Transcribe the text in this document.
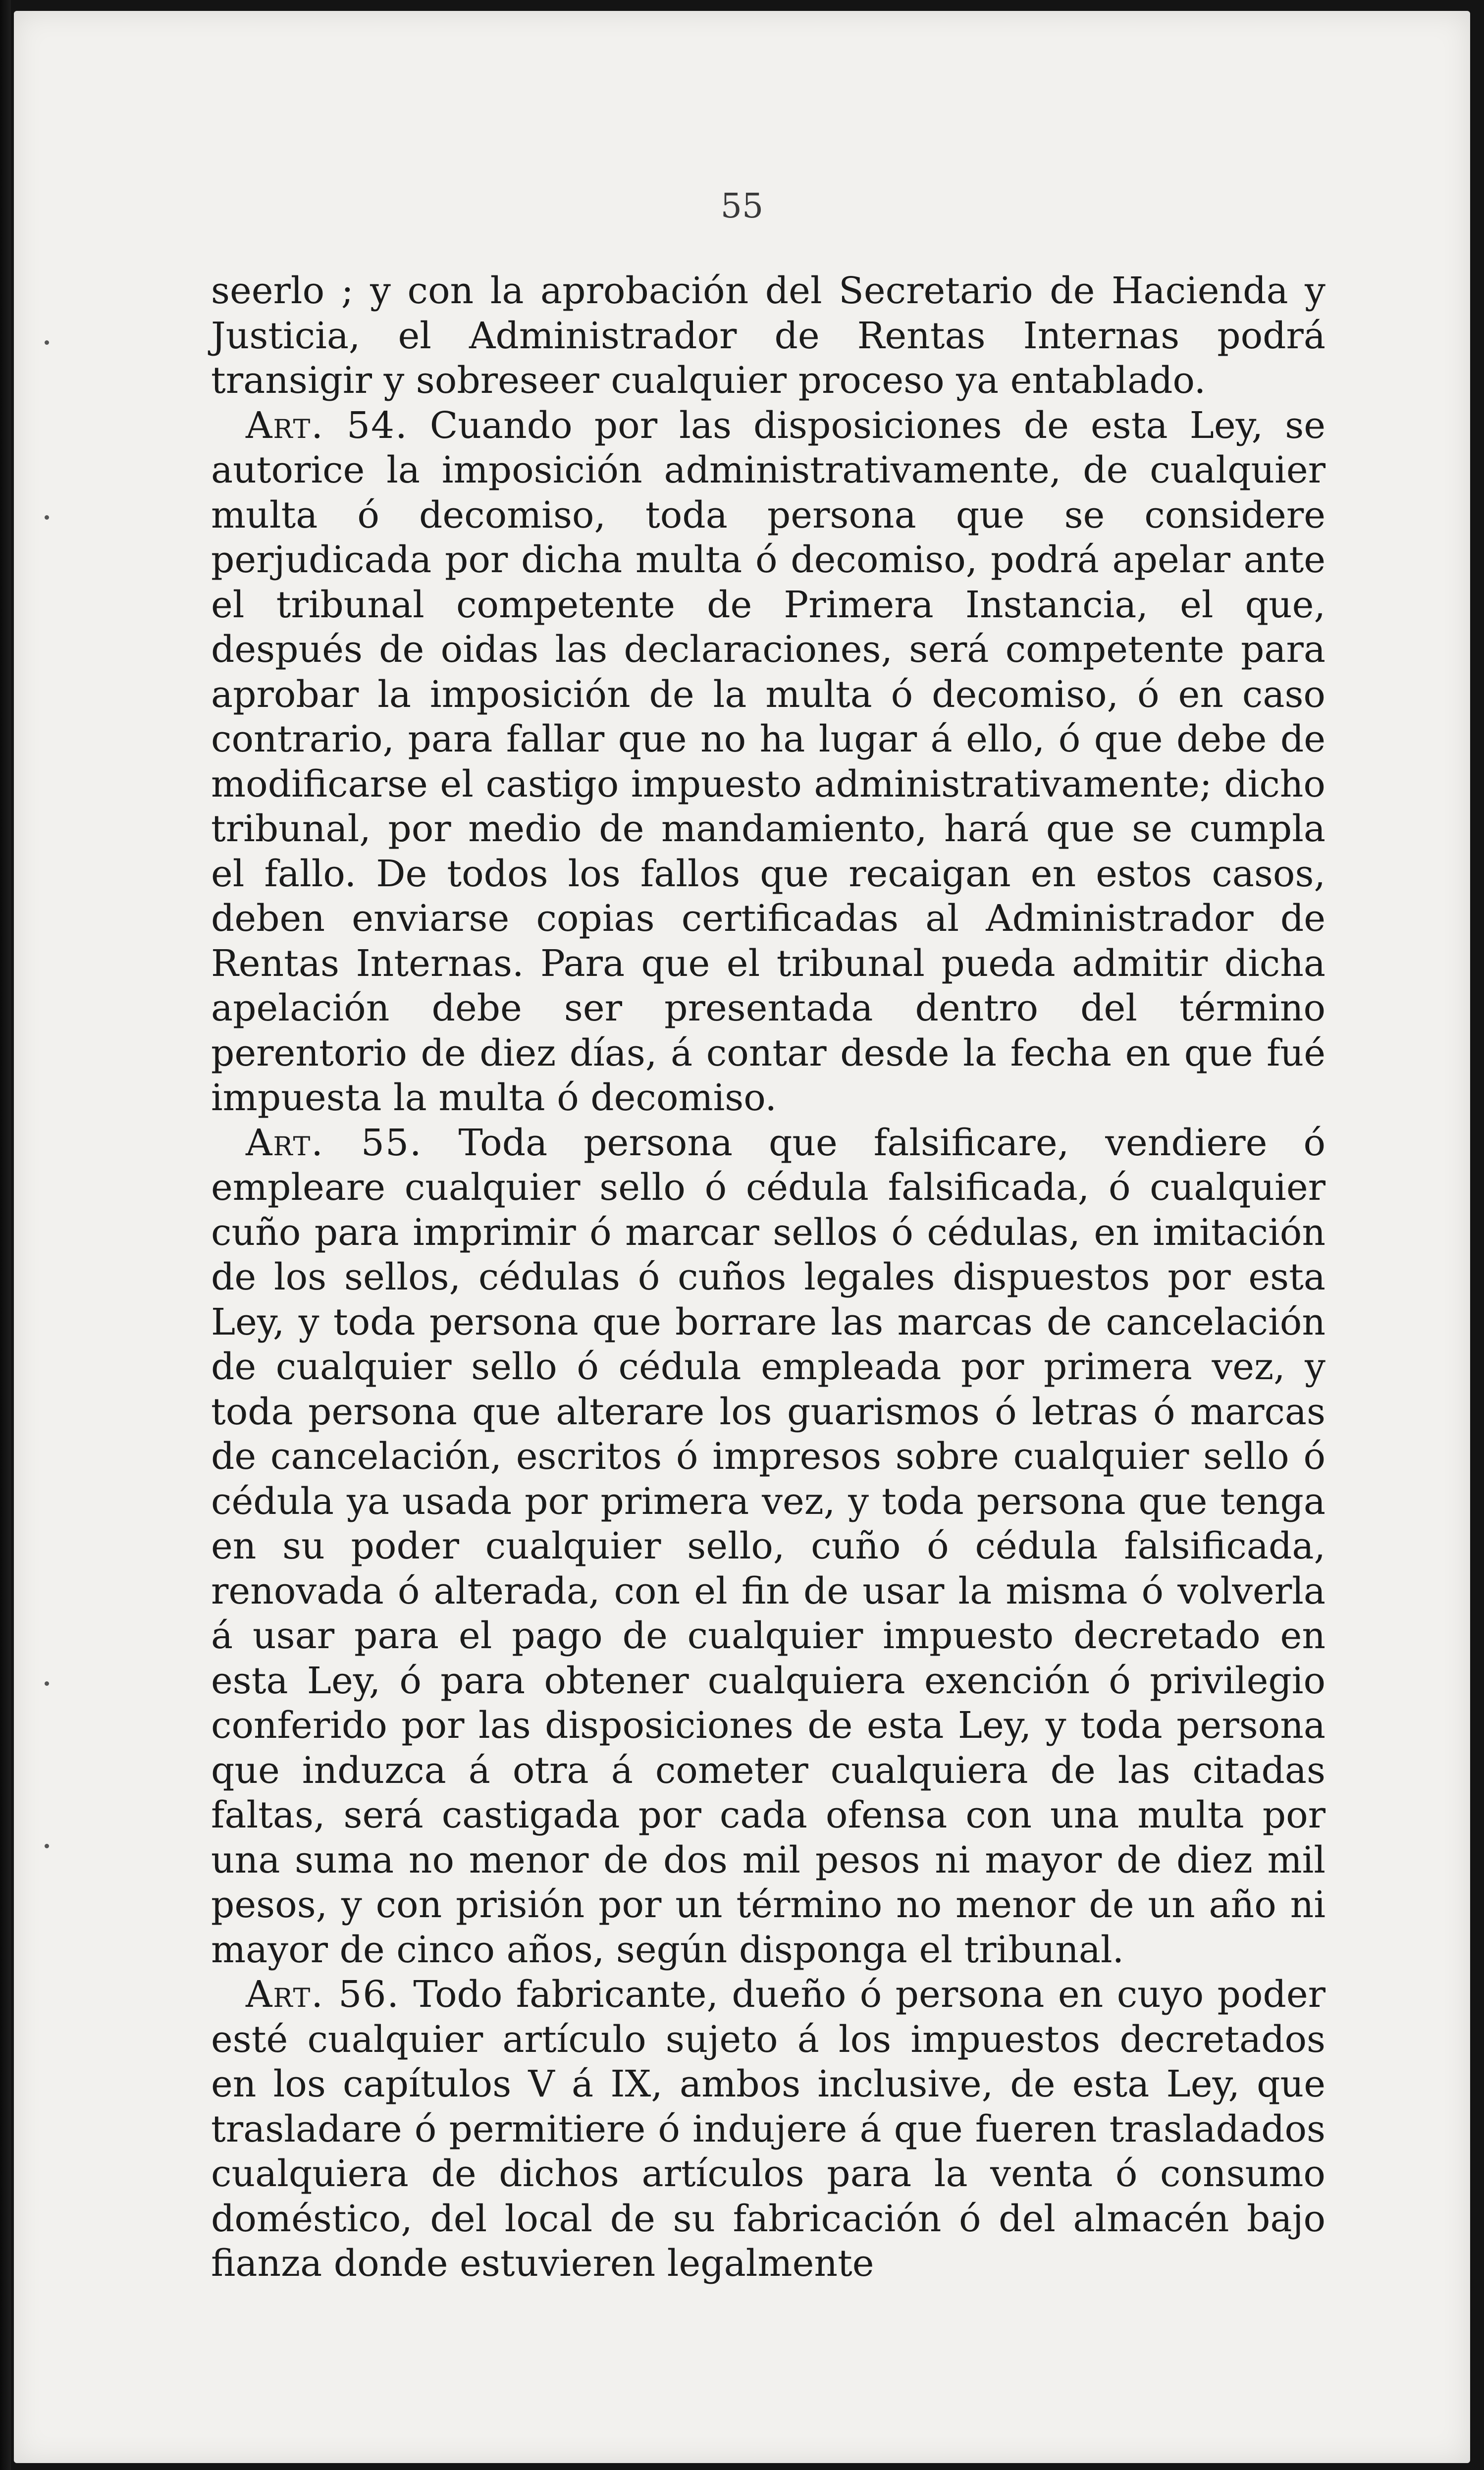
55

seerlo ; y con la aprobación del Secretario de Hacienda y Justicia, el Administrador de Rentas Internas podrá transigir y sobreseer cualquier proceso ya entablado.

Art. 54. Cuando por las disposiciones de esta Ley, se autorice la imposición administrativamente, de cualquier multa ó decomiso, toda persona que se considere perjudicada por dicha multa ó decomiso, podrá apelar ante el tribunal competente de Primera Instancia, el que, después de oidas las declaraciones, será competente para aprobar la imposición de la multa ó decomiso, ó en caso contrario, para fallar que no ha lugar á ello, ó que debe de modificarse el castigo impuesto administrativamente; dicho tribunal, por medio de mandamiento, hará que se cumpla el fallo. De todos los fallos que recaigan en estos casos, deben enviarse copias certificadas al Administrador de Rentas Internas. Para que el tribunal pueda admitir dicha apelación debe ser presentada dentro del término perentorio de diez días, á contar desde la fecha en que fué impuesta la multa ó decomiso.

Art. 55. Toda persona que falsificare, vendiere ó empleare cualquier sello ó cédula falsificada, ó cualquier cuño para imprimir ó marcar sellos ó cédulas, en imitación de los sellos, cédulas ó cuños legales dispuestos por esta Ley, y toda persona que borrare las marcas de cancelación de cualquier sello ó cédula empleada por primera vez, y toda persona que alterare los guarismos ó letras ó marcas de cancelación, escritos ó impresos sobre cualquier sello ó cédula ya usada por primera vez, y toda persona que tenga en su poder cualquier sello, cuño ó cédula falsificada, renovada ó alterada, con el fin de usar la misma ó volverla á usar para el pago de cualquier impuesto decretado en esta Ley, ó para obtener cualquiera exención ó privilegio conferido por las disposiciones de esta Ley, y toda persona que induzca á otra á cometer cualquiera de las citadas faltas, será castigada por cada ofensa con una multa por una suma no menor de dos mil pesos ni mayor de diez mil pesos, y con prisión por un término no menor de un año ni mayor de cinco años, según disponga el tribunal.

Art. 56. Todo fabricante, dueño ó persona en cuyo poder esté cualquier artículo sujeto á los impuestos decretados en los capítulos V á IX, ambos inclusive, de esta Ley, que trasladare ó permitiere ó indujere á que fueren trasladados cualquiera de dichos artículos para la venta ó consumo doméstico, del local de su fabricación ó del almacén bajo fianza donde estuvieren legalmente
